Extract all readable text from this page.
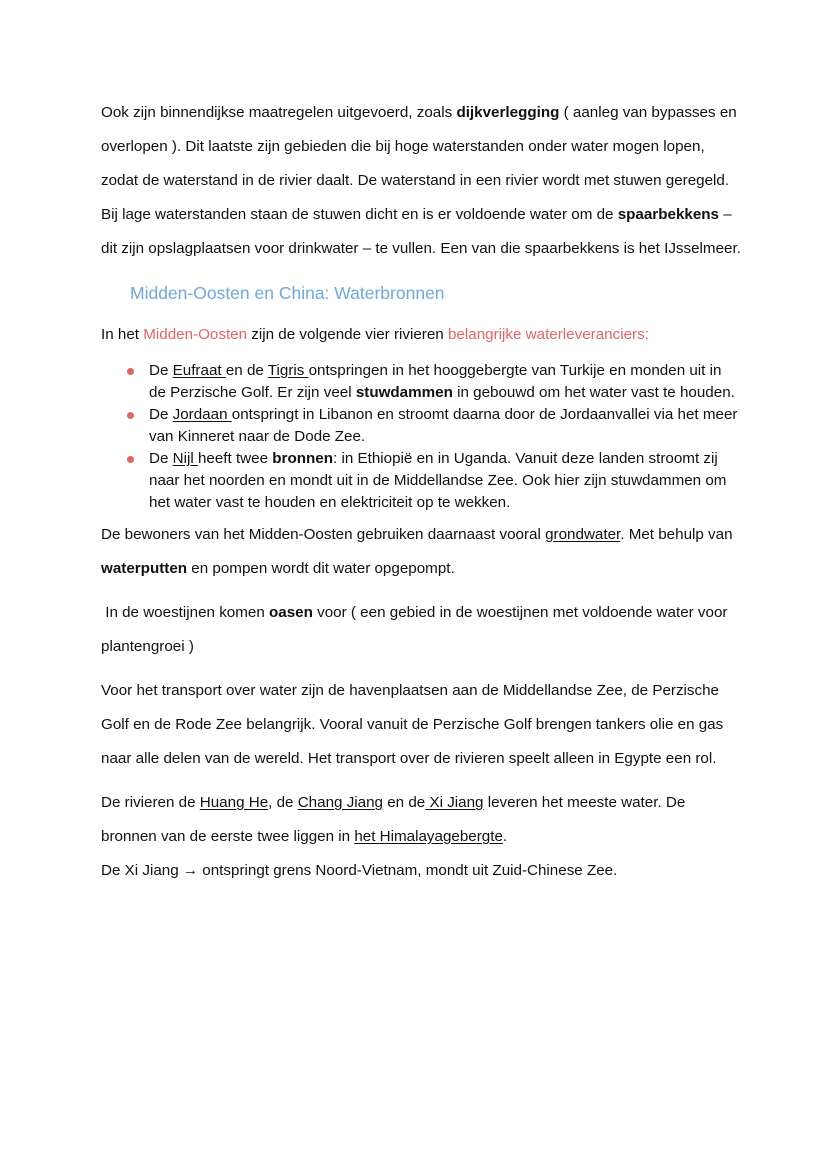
Ook zijn binnendijkse maatregelen uitgevoerd, zoals dijkverlegging ( aanleg van bypasses en overlopen ). Dit laatste zijn gebieden die bij hoge waterstanden onder water mogen lopen, zodat de waterstand in de rivier daalt. De waterstand in een rivier wordt met stuwen geregeld. Bij lage waterstanden staan de stuwen dicht en is er voldoende water om de spaarbekkens – dit zijn opslagplaatsen voor drinkwater – te vullen. Een van die spaarbekkens is het IJsselmeer.

Midden-Oosten en China: Waterbronnen

In het Midden-Oosten zijn de volgende vier rivieren belangrijke waterleveranciers:

De Eufraat en de Tigris ontspringen in het hooggebergte van Turkije en monden uit in de Perzische Golf. Er zijn veel stuwdammen in gebouwd om het water vast te houden.
De Jordaan ontspringt in Libanon en stroomt daarna door de Jordaanvallei via het meer van Kinneret naar de Dode Zee.
De Nijl heeft twee bronnen: in Ethiopië en in Uganda. Vanuit deze landen stroomt zij naar het noorden en mondt uit in de Middellandse Zee. Ook hier zijn stuwdammen om het water vast te houden en elektriciteit op te wekken.

De bewoners van het Midden-Oosten gebruiken daarnaast vooral grondwater. Met behulp van waterputten en pompen wordt dit water opgepompt.

In de woestijnen komen oasen voor ( een gebied in de woestijnen met voldoende water voor plantengroei )

Voor het transport over water zijn de havenplaatsen aan de Middellandse Zee, de Perzische Golf en de Rode Zee belangrijk. Vooral vanuit de Perzische Golf brengen tankers olie en gas naar alle delen van de wereld. Het transport over de rivieren speelt alleen in Egypte een rol.

De rivieren de Huang He, de Chang Jiang en de Xi Jiang leveren het meeste water. De bronnen van de eerste twee liggen in het Himalayagebergte.

De Xi Jiang → ontspringt grens Noord-Vietnam, mondt uit Zuid-Chinese Zee.
